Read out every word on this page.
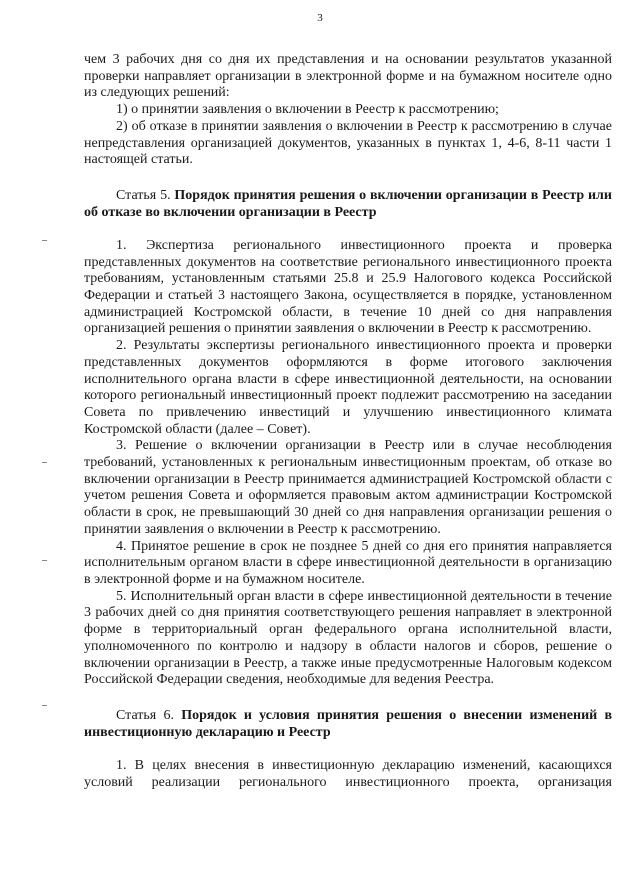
3

чем 3 рабочих дня со дня их представления и на основании результатов указанной проверки направляет организации в электронной форме и на бумажном носителе одно из следующих решений:

1) о принятии заявления о включении в Реестр к рассмотрению;

2) об отказе в принятии заявления о включении в Реестр к рассмотрению в случае непредставления организацией документов, указанных в пунктах 1, 4-6, 8-11 части 1 настоящей статьи.

Статья 5. Порядок принятия решения о включении организации в Реестр или об отказе во включении организации в Реестр

1. Экспертиза регионального инвестиционного проекта и проверка представленных документов на соответствие регионального инвестиционного проекта требованиям, установленным статьями 25.8 и 25.9 Налогового кодекса Российской Федерации и статьей 3 настоящего Закона, осуществляется в порядке, установленном администрацией Костромской области, в течение 10 дней со дня направления организацией решения о принятии заявления о включении в Реестр к рассмотрению.

2. Результаты экспертизы регионального инвестиционного проекта и проверки представленных документов оформляются в форме итогового заключения исполнительного органа власти в сфере инвестиционной деятельности, на основании которого региональный инвестиционный проект подлежит рассмотрению на заседании Совета по привлечению инвестиций и улучшению инвестиционного климата Костромской области (далее – Совет).

3. Решение о включении организации в Реестр или в случае несоблюдения требований, установленных к региональным инвестиционным проектам, об отказе во включении организации в Реестр принимается администрацией Костромской области с учетом решения Совета и оформляется правовым актом администрации Костромской области в срок, не превышающий 30 дней со дня направления организации решения о принятии заявления о включении в Реестр к рассмотрению.

4. Принятое решение в срок не позднее 5 дней со дня его принятия направляется исполнительным органом власти в сфере инвестиционной деятельности в организацию в электронной форме и на бумажном носителе.

5. Исполнительный орган власти в сфере инвестиционной деятельности в течение 3 рабочих дней со дня принятия соответствующего решения направляет в электронной форме в территориальный орган федерального органа исполнительной власти, уполномоченного по контролю и надзору в области налогов и сборов, решение о включении организации в Реестр, а также иные предусмотренные Налоговым кодексом Российской Федерации сведения, необходимые для ведения Реестра.

Статья 6. Порядок и условия принятия решения о внесении изменений в инвестиционную декларацию и Реестр

1. В целях внесения в инвестиционную декларацию изменений, касающихся условий реализации регионального инвестиционного проекта, организация
